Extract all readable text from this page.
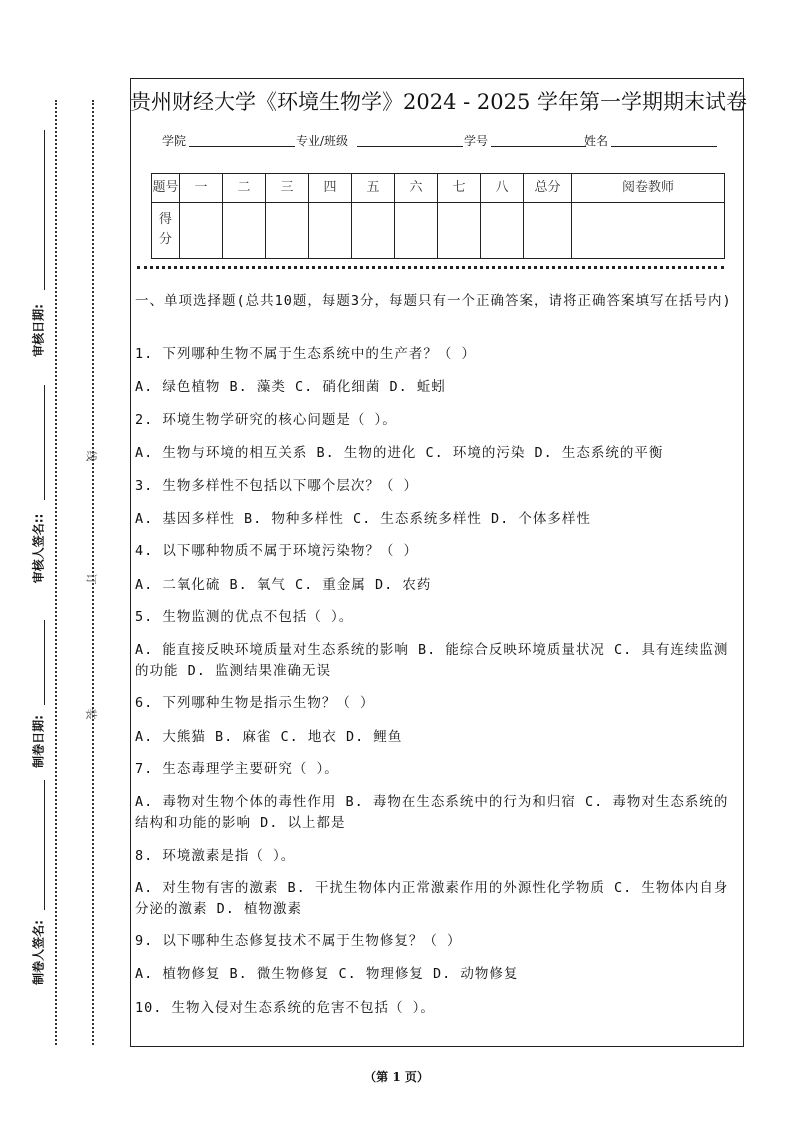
审核日期:
审核人签名::
制卷日期:
制卷人签名:
线
订
装
贵州财经大学《环境生物学》2024 - 2025 学年第一学期期末试卷
学院	专业/班级	学号	姓名
题号	一	二	三	四	五	六	七	八	总分	阅卷教师
得分										
一、单项选择题(总共10题，每题3分，每题只有一个正确答案，请将正确答案填写在括号内)
1. 下列哪种生物不属于生态系统中的生产者？（ ）
A. 绿色植物 B. 藻类 C. 硝化细菌 D. 蚯蚓
2. 环境生物学研究的核心问题是（ ）。
A. 生物与环境的相互关系 B. 生物的进化 C. 环境的污染 D. 生态系统的平衡
3. 生物多样性不包括以下哪个层次？（ ）
A. 基因多样性 B. 物种多样性 C. 生态系统多样性 D. 个体多样性
4. 以下哪种物质不属于环境污染物？（ ）
A. 二氧化硫 B. 氧气 C. 重金属 D. 农药
5. 生物监测的优点不包括（ ）。
A. 能直接反映环境质量对生态系统的影响 B. 能综合反映环境质量状况 C. 具有连续监测的功能 D. 监测结果准确无误
6. 下列哪种生物是指示生物？（ ）
A. 大熊猫 B. 麻雀 C. 地衣 D. 鲤鱼
7. 生态毒理学主要研究（ ）。
A. 毒物对生物个体的毒性作用 B. 毒物在生态系统中的行为和归宿 C. 毒物对生态系统的结构和功能的影响 D. 以上都是
8. 环境激素是指（ ）。
A. 对生物有害的激素 B. 干扰生物体内正常激素作用的外源性化学物质 C. 生物体内自身分泌的激素 D. 植物激素
9. 以下哪种生态修复技术不属于生物修复？（ ）
A. 植物修复 B. 微生物修复 C. 物理修复 D. 动物修复
10. 生物入侵对生态系统的危害不包括（ ）。
（第 1 页）
